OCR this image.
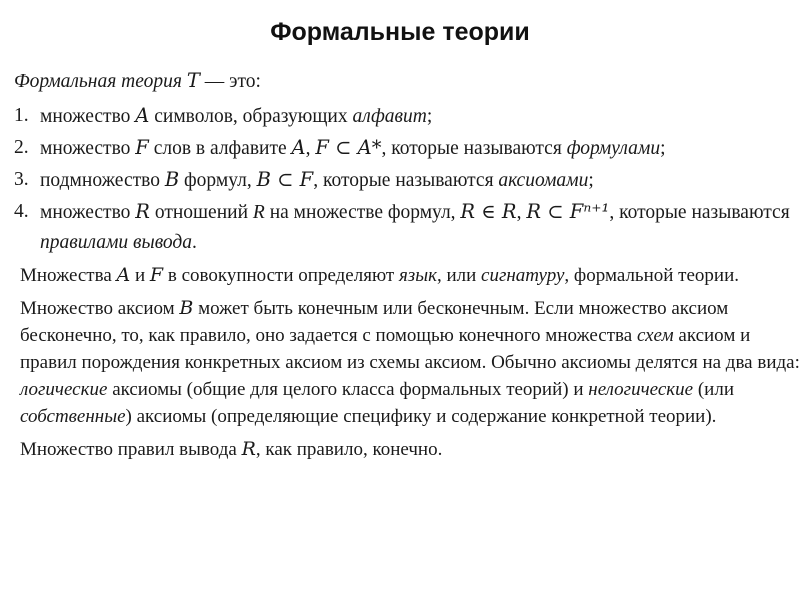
Формальные теории
Формальная теория T — это:
1. множество A символов, образующих алфавит;
2. множество F слов в алфавите A, F ⊂ A*, которые называются формулами;
3. подмножество B формул, B ⊂ F, которые называются аксиомами;
4. множество R отношений R на множестве формул, R ∈ R, R ⊂ Fⁿ⁺¹, которые называются правилами вывода.

Множества A и F в совокупности определяют язык, или сигнатуру, формальной теории.

Множество аксиом B может быть конечным или бесконечным. Если множество аксиом бесконечно, то, как правило, оно задается с помощью конечного множества схем аксиом и правил порождения конкретных аксиом из схемы аксиом. Обычно аксиомы делятся на два вида: логические аксиомы (общие для целого класса формальных теорий) и нелогические (или собственные) аксиомы (определяющие специфику и содержание конкретной теории).

Множество правил вывода R, как правило, конечно.
